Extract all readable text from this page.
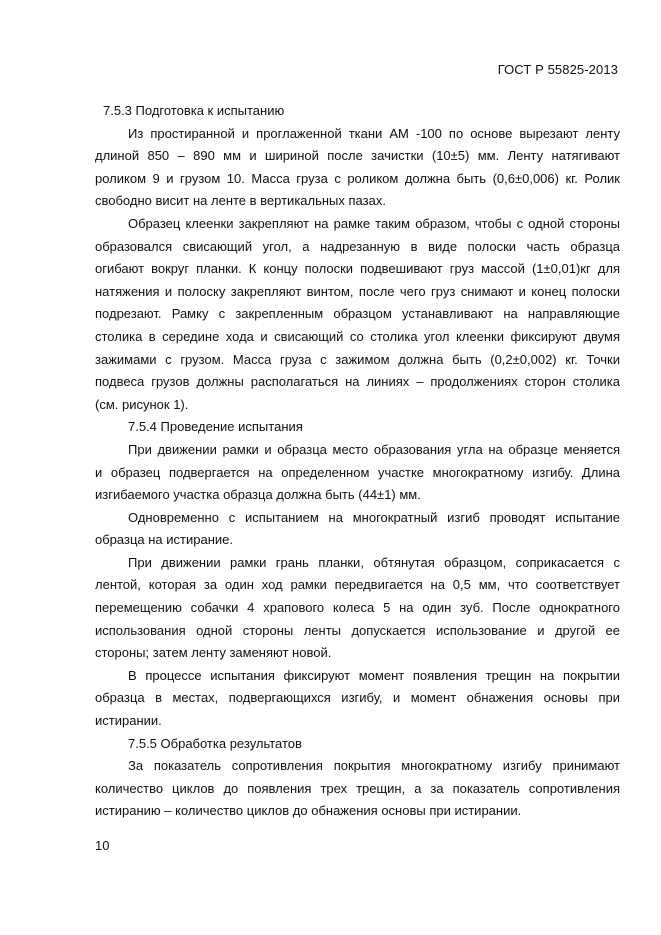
ГОСТ Р 55825-2013
7.5.3 Подготовка к испытанию
Из простиранной и проглаженной ткани АМ -100 по основе вырезают ленту
длиной 850 – 890 мм и шириной после зачистки (10±5) мм. Ленту натягивают
роликом 9 и грузом 10. Масса груза с роликом должна быть (0,6±0,006) кг. Ролик
свободно висит на ленте в вертикальных пазах.
Образец клеенки закрепляют на рамке таким образом, чтобы с одной стороны
образовался свисающий угол, а надрезанную в виде полоски часть образца
огибают вокруг планки. К концу полоски подвешивают груз массой (1±0,01)кг для
натяжения и полоску закрепляют винтом, после чего груз снимают и конец полоски
подрезают. Рамку с закрепленным образцом устанавливают на направляющие
столика в середине хода и свисающий со столика угол клеенки фиксируют двумя
зажимами с грузом. Масса груза с зажимом должна быть (0,2±0,002) кг. Точки
подвеса грузов должны располагаться на линиях – продолжениях сторон столика
(см. рисунок 1).
7.5.4 Проведение испытания
При движении рамки и образца место образования угла на образце меняется
и образец подвергается на определенном участке многократному изгибу. Длина
изгибаемого участка образца должна быть (44±1) мм.
Одновременно с испытанием на многократный изгиб проводят испытание
образца на истирание.
При движении рамки грань планки, обтянутая образцом, соприкасается с
лентой, которая за один ход рамки передвигается на 0,5 мм, что соответствует
перемещению собачки 4 храпового колеса 5 на один зуб. После однократного
использования одной стороны ленты допускается использование и другой ее
стороны; затем ленту заменяют новой.
В процессе испытания фиксируют момент появления трещин на покрытии
образца в местах, подвергающихся изгибу, и момент обнажения основы при
истирании.
7.5.5 Обработка результатов
За показатель сопротивления покрытия многократному изгибу принимают
количество циклов до появления трех трещин, а за показатель сопротивления
истиранию – количество циклов до обнажения основы при истирании.
10
